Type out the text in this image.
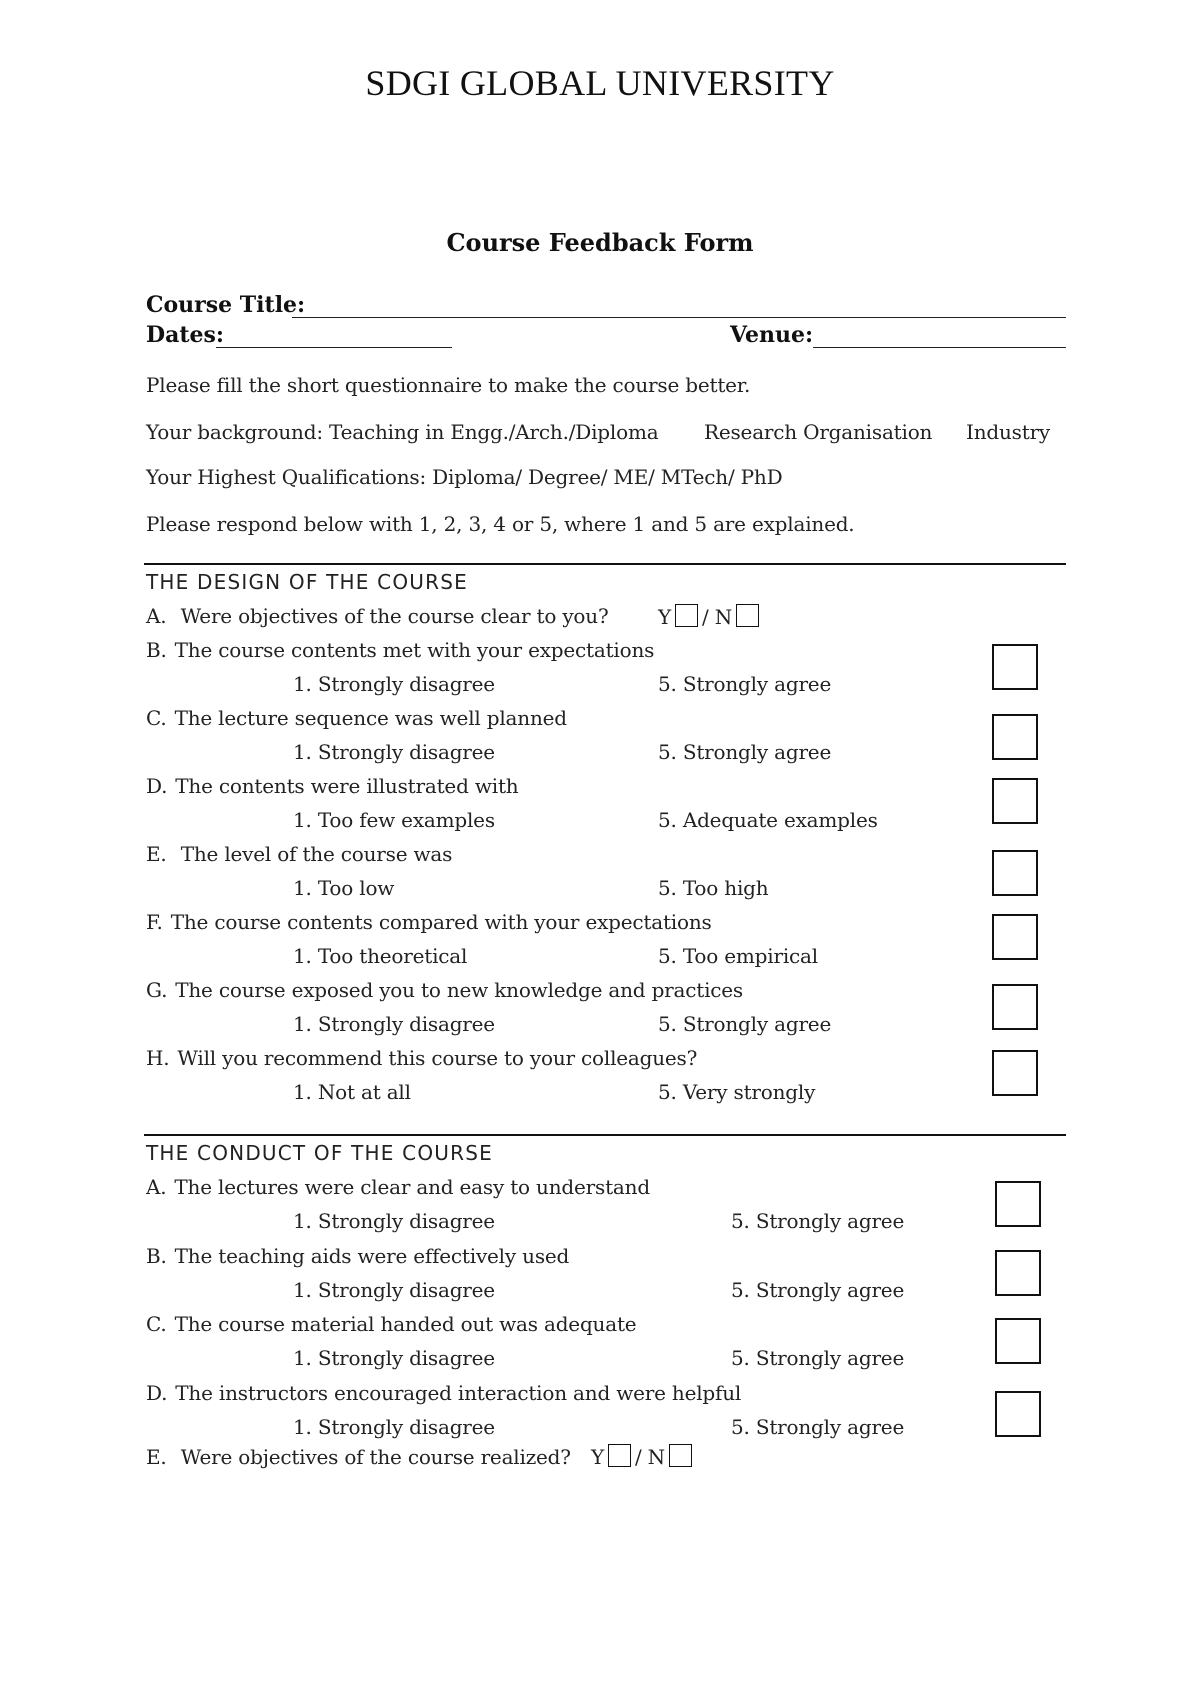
SDGI GLOBAL UNIVERSITY
Course Feedback Form
Course Title:
Dates:	Venue:
Please fill the short questionnaire to make the course better.
Your background: Teaching in Engg./Arch./Diploma Research Organisation Industry
Your Highest Qualifications: Diploma/ Degree/ ME/ MTech/ PhD
Please respond below with 1, 2, 3, 4 or 5, where 1 and 5 are explained.
THE DESIGN OF THE COURSE
A. Were objectives of the course clear to you? Y / N
B. The course contents met with your expectations
1. Strongly disagree	5. Strongly agree
C. The lecture sequence was well planned
1. Strongly disagree	5. Strongly agree
D. The contents were illustrated with
1. Too few examples	5. Adequate examples
E. The level of the course was
1. Too low	5. Too high
F. The course contents compared with your expectations
1. Too theoretical	5. Too empirical
G. The course exposed you to new knowledge and practices
1. Strongly disagree	5. Strongly agree
H. Will you recommend this course to your colleagues?
1. Not at all	5. Very strongly
THE CONDUCT OF THE COURSE
A. The lectures were clear and easy to understand
1. Strongly disagree	5. Strongly agree
B. The teaching aids were effectively used
1. Strongly disagree	5. Strongly agree
C. The course material handed out was adequate
1. Strongly disagree	5. Strongly agree
D. The instructors encouraged interaction and were helpful
1. Strongly disagree	5. Strongly agree
E. Were objectives of the course realized? Y / N
